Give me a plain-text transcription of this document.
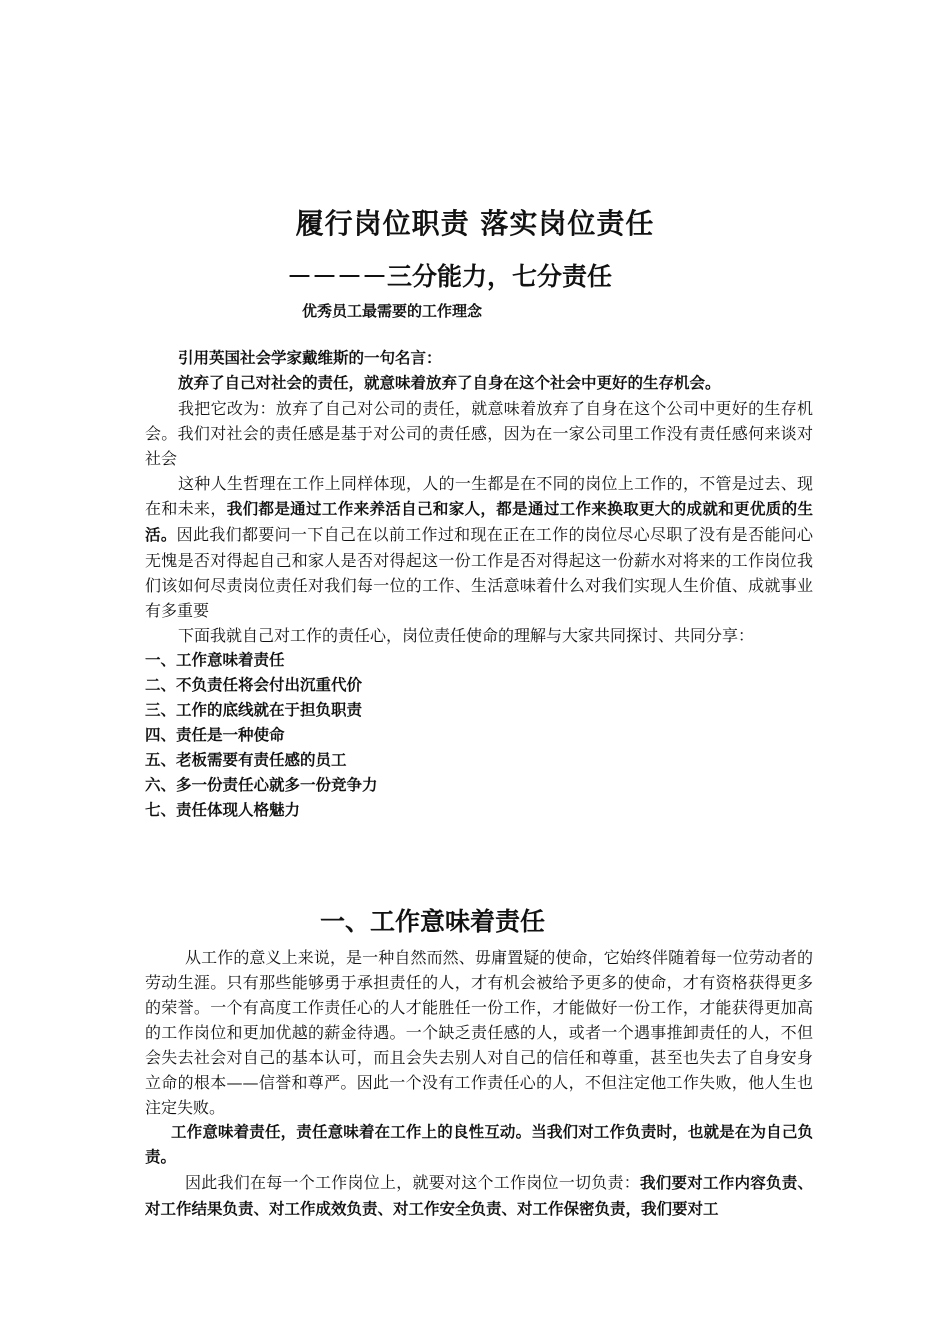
履行岗位职责 落实岗位责任
－－－－三分能力，七分责任
优秀员工最需要的工作理念

引用英国社会学家戴维斯的一句名言：

放弃了自己对社会的责任，就意味着放弃了自身在这个社会中更好的生存机会。

我把它改为：放弃了自己对公司的责任，就意味着放弃了自身在这个公司中更好的生存机会。我们对社会的责任感是基于对公司的责任感，因为在一家公司里工作没有责任感何来谈对社会

这种人生哲理在工作上同样体现，人的一生都是在不同的岗位上工作的，不管是过去、现在和未来，我们都是通过工作来养活自己和家人，都是通过工作来换取更大的成就和更优质的生活。因此我们都要问一下自己在以前工作过和现在正在工作的岗位尽心尽职了没有是否能问心无愧是否对得起自己和家人是否对得起这一份工作是否对得起这一份薪水对将来的工作岗位我们该如何尽责岗位责任对我们每一位的工作、生活意味着什么对我们实现人生价值、成就事业有多重要

下面我就自己对工作的责任心，岗位责任使命的理解与大家共同探讨、共同分享：

一、工作意味着责任
二、不负责任将会付出沉重代价
三、工作的底线就在于担负职责
四、责任是一种使命
五、老板需要有责任感的员工
六、多一份责任心就多一份竞争力
七、责任体现人格魅力
一、工作意味着责任

从工作的意义上来说，是一种自然而然、毋庸置疑的使命，它始终伴随着每一位劳动者的劳动生涯。只有那些能够勇于承担责任的人，才有机会被给予更多的使命，才有资格获得更多的荣誉。一个有高度工作责任心的人才能胜任一份工作，才能做好一份工作，才能获得更加高的工作岗位和更加优越的薪金待遇。一个缺乏责任感的人，或者一个遇事推卸责任的人，不但会失去社会对自己的基本认可，而且会失去别人对自己的信任和尊重，甚至也失去了自身安身立命的根本——信誉和尊严。因此一个没有工作责任心的人，不但注定他工作失败，他人生也注定失败。

工作意味着责任，责任意味着在工作上的良性互动。当我们对工作负责时，也就是在为自己负责。

因此我们在每一个工作岗位上，就要对这个工作岗位一切负责：我们要对工作内容负责、对工作结果负责、对工作成效负责、对工作安全负责、对工作保密负责，我们要对工
